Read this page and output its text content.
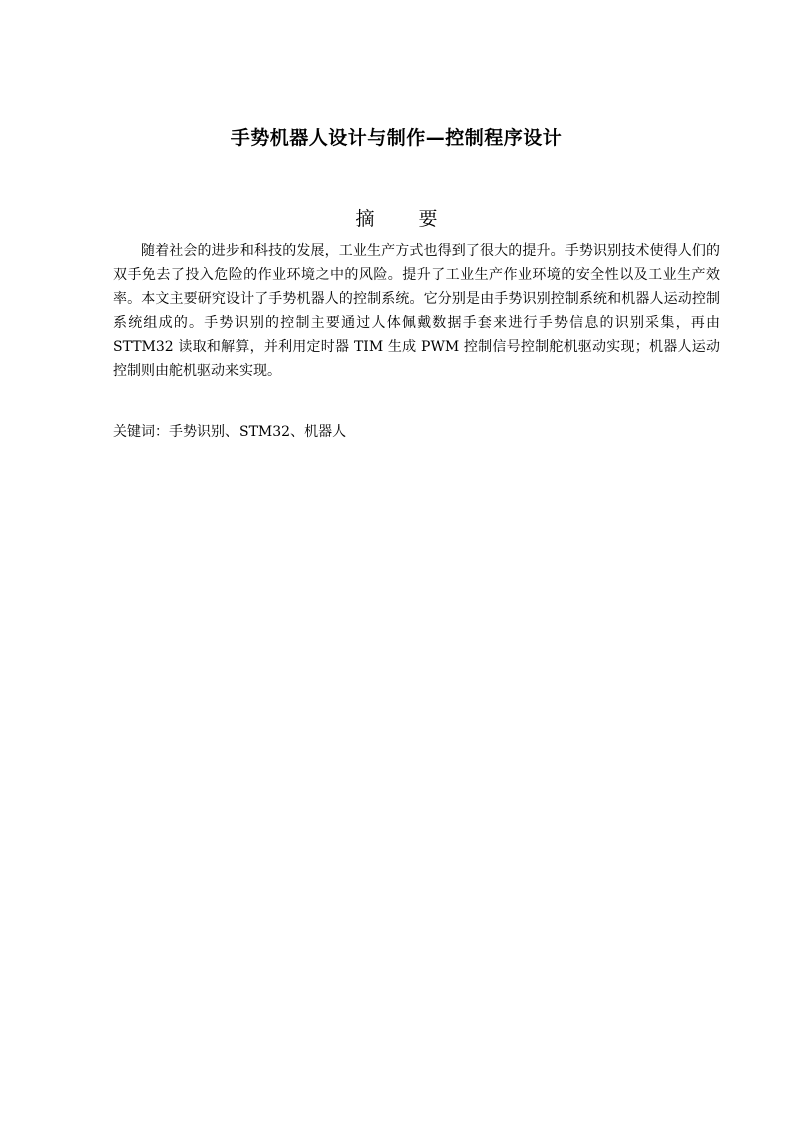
手势机器人设计与制作—控制程序设计
摘 要

随着社会的进步和科技的发展，工业生产方式也得到了很大的提升。手势识别技术使得人们的双手免去了投入危险的作业环境之中的风险。提升了工业生产作业环境的安全性以及工业生产效率。本文主要研究设计了手势机器人的控制系统。它分别是由手势识别控制系统和机器人运动控制系统组成的。手势识别的控制主要通过人体佩戴数据手套来进行手势信息的识别采集，再由 STTM32 读取和解算，并利用定时器 TIM 生成 PWM 控制信号控制舵机驱动实现；机器人运动控制则由舵机驱动来实现。

关键词：手势识别、STM32、机器人
